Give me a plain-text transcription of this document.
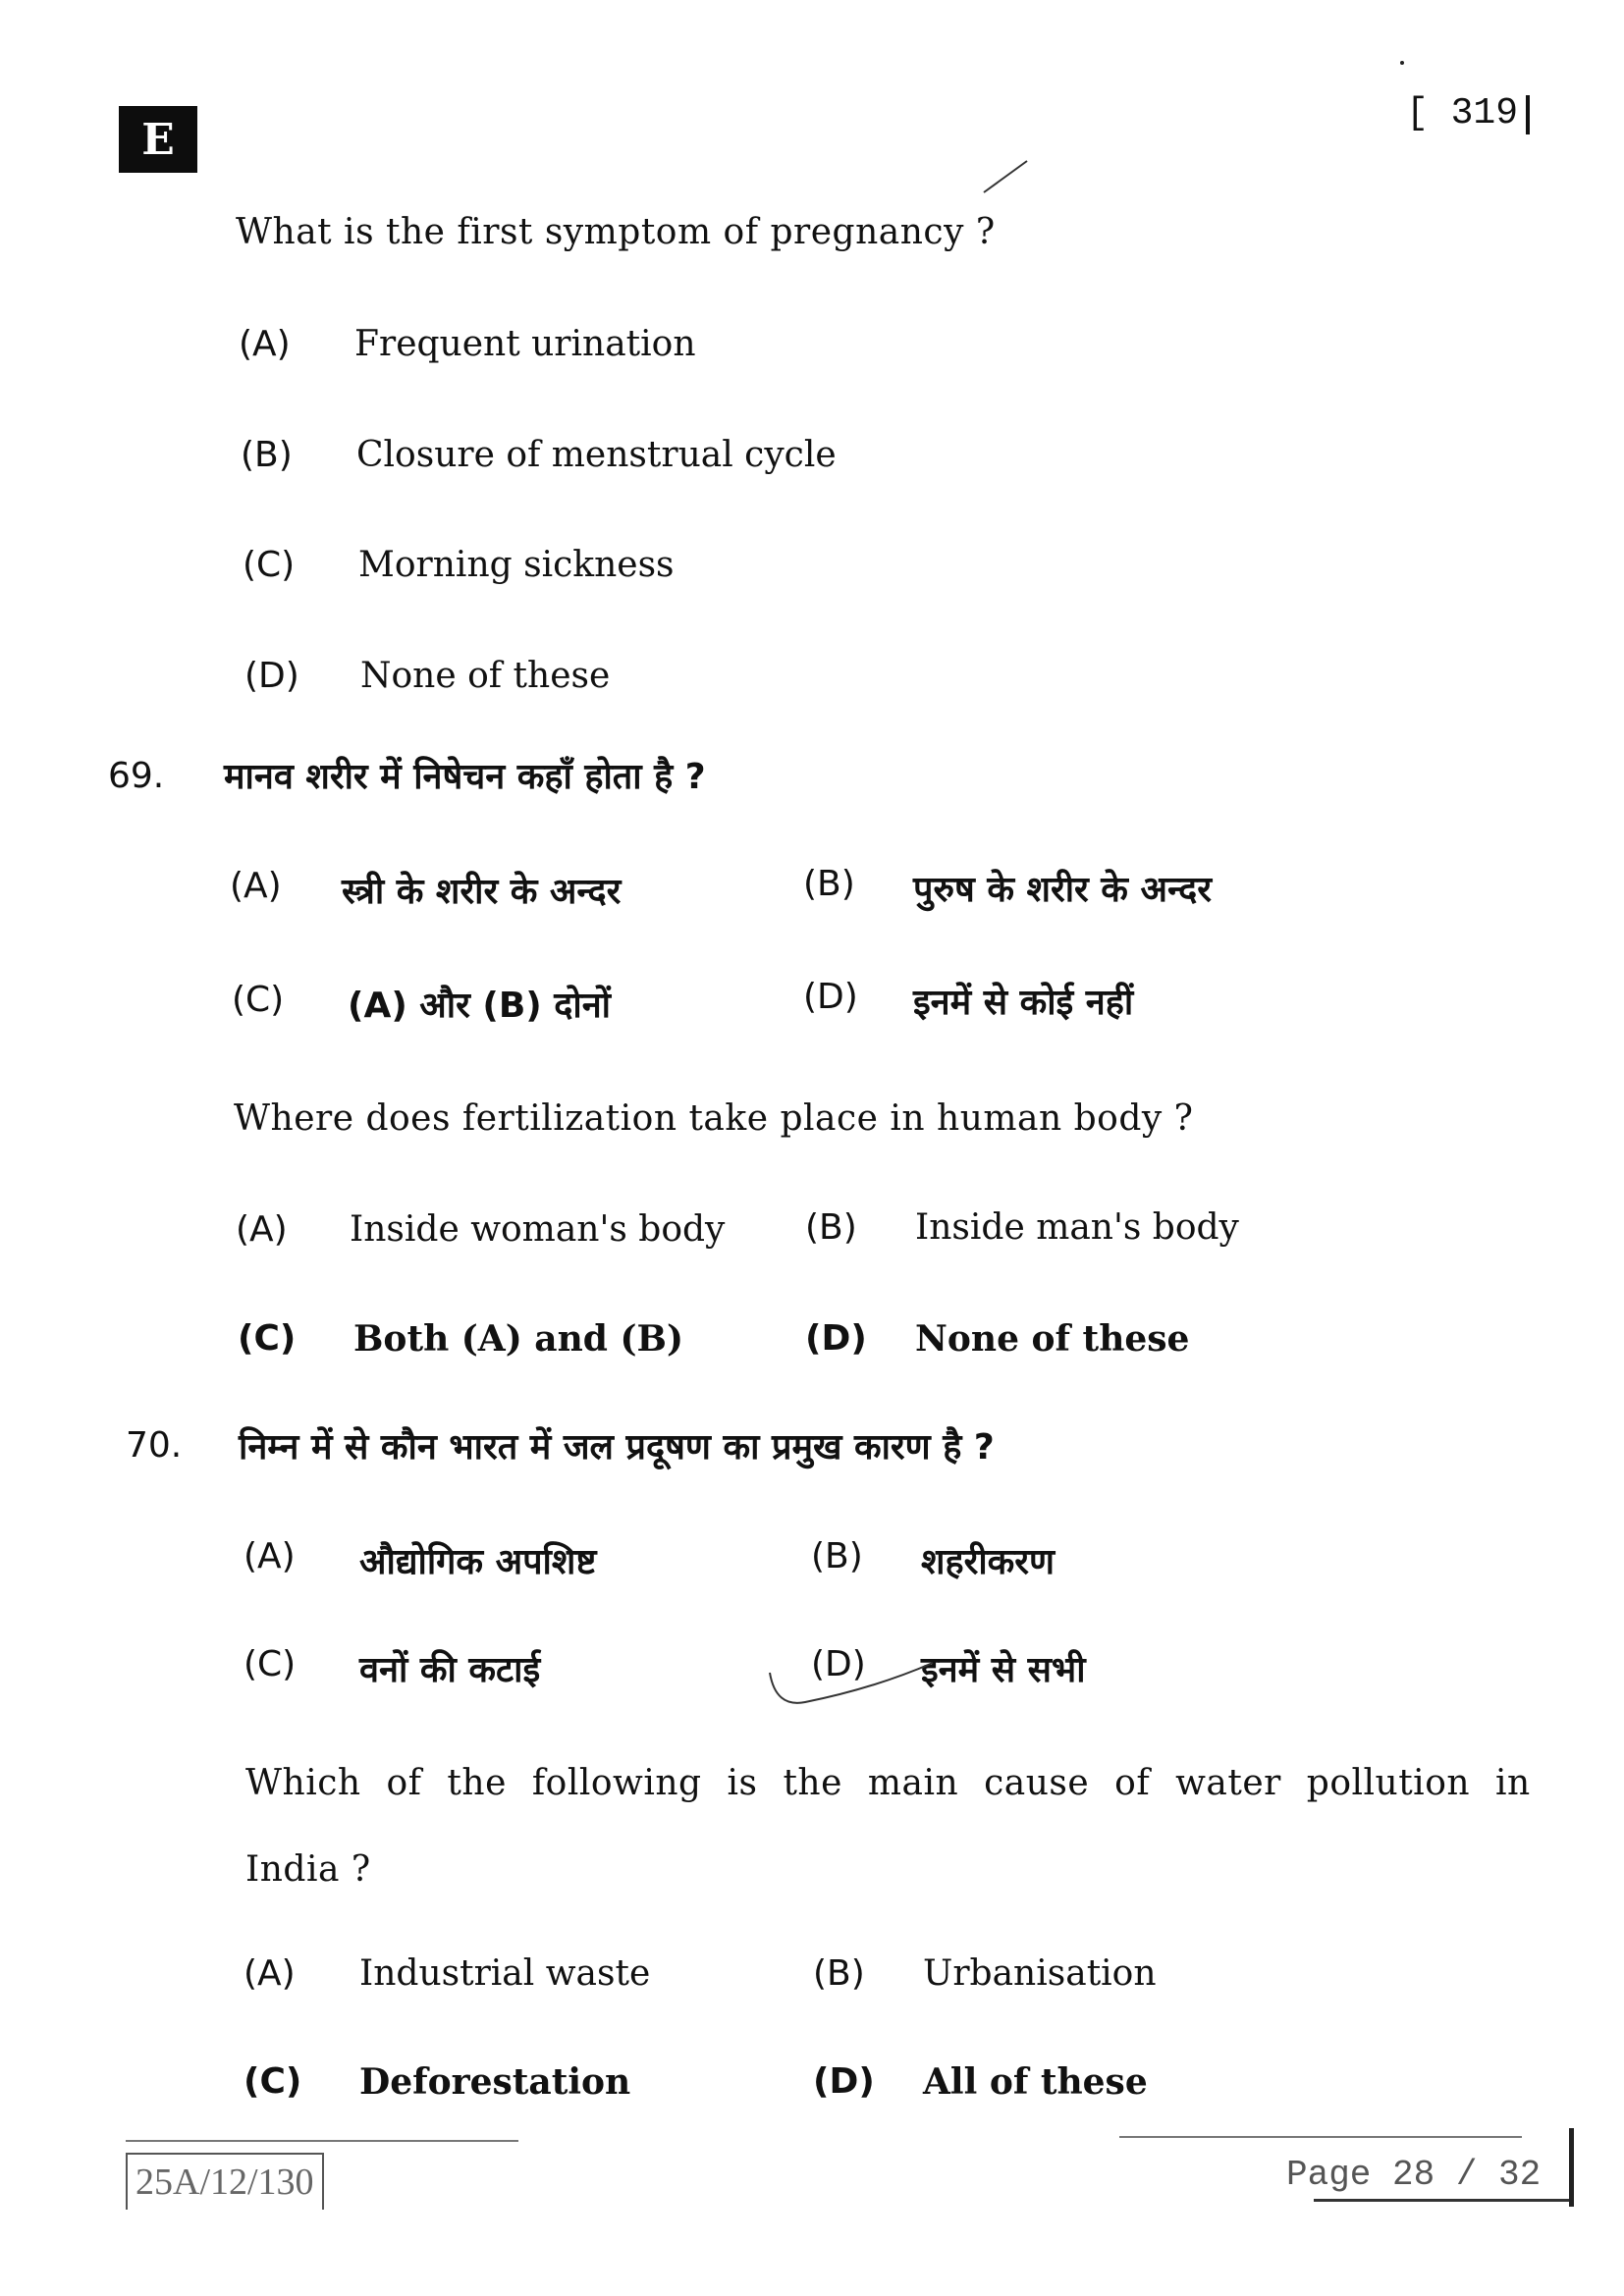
E
[ 319
What is the first symptom of pregnancy ?
(A)	Frequent urination
(B)	Closure of menstrual cycle
(C)	Morning sickness
(D)	None of these
69. मानव शरीर में निषेचन कहाँ होता है ?
(A)	स्त्री के शरीर के अन्दर	(B)	पुरुष के शरीर के अन्दर
(C)	(A) और (B) दोनों	(D)	इनमें से कोई नहीं
Where does fertilization take place in human body ?
(A)	Inside woman's body (B)	Inside man's body
(C)	Both (A) and (B)	(D)	None of these
70. निम्न में से कौन भारत में जल प्रदूषण का प्रमुख कारण है ?
(A)	औद्योगिक अपशिष्ट	(B)	शहरीकरण
(C)	वनों की कटाई	(D)	इनमें से सभी
Which of the following is the main cause of water pollution in
India ?
(A)	Industrial waste	(B)	Urbanisation
(C)	Deforestation	(D)	All of these
25A/12/130	Page 28 / 32
